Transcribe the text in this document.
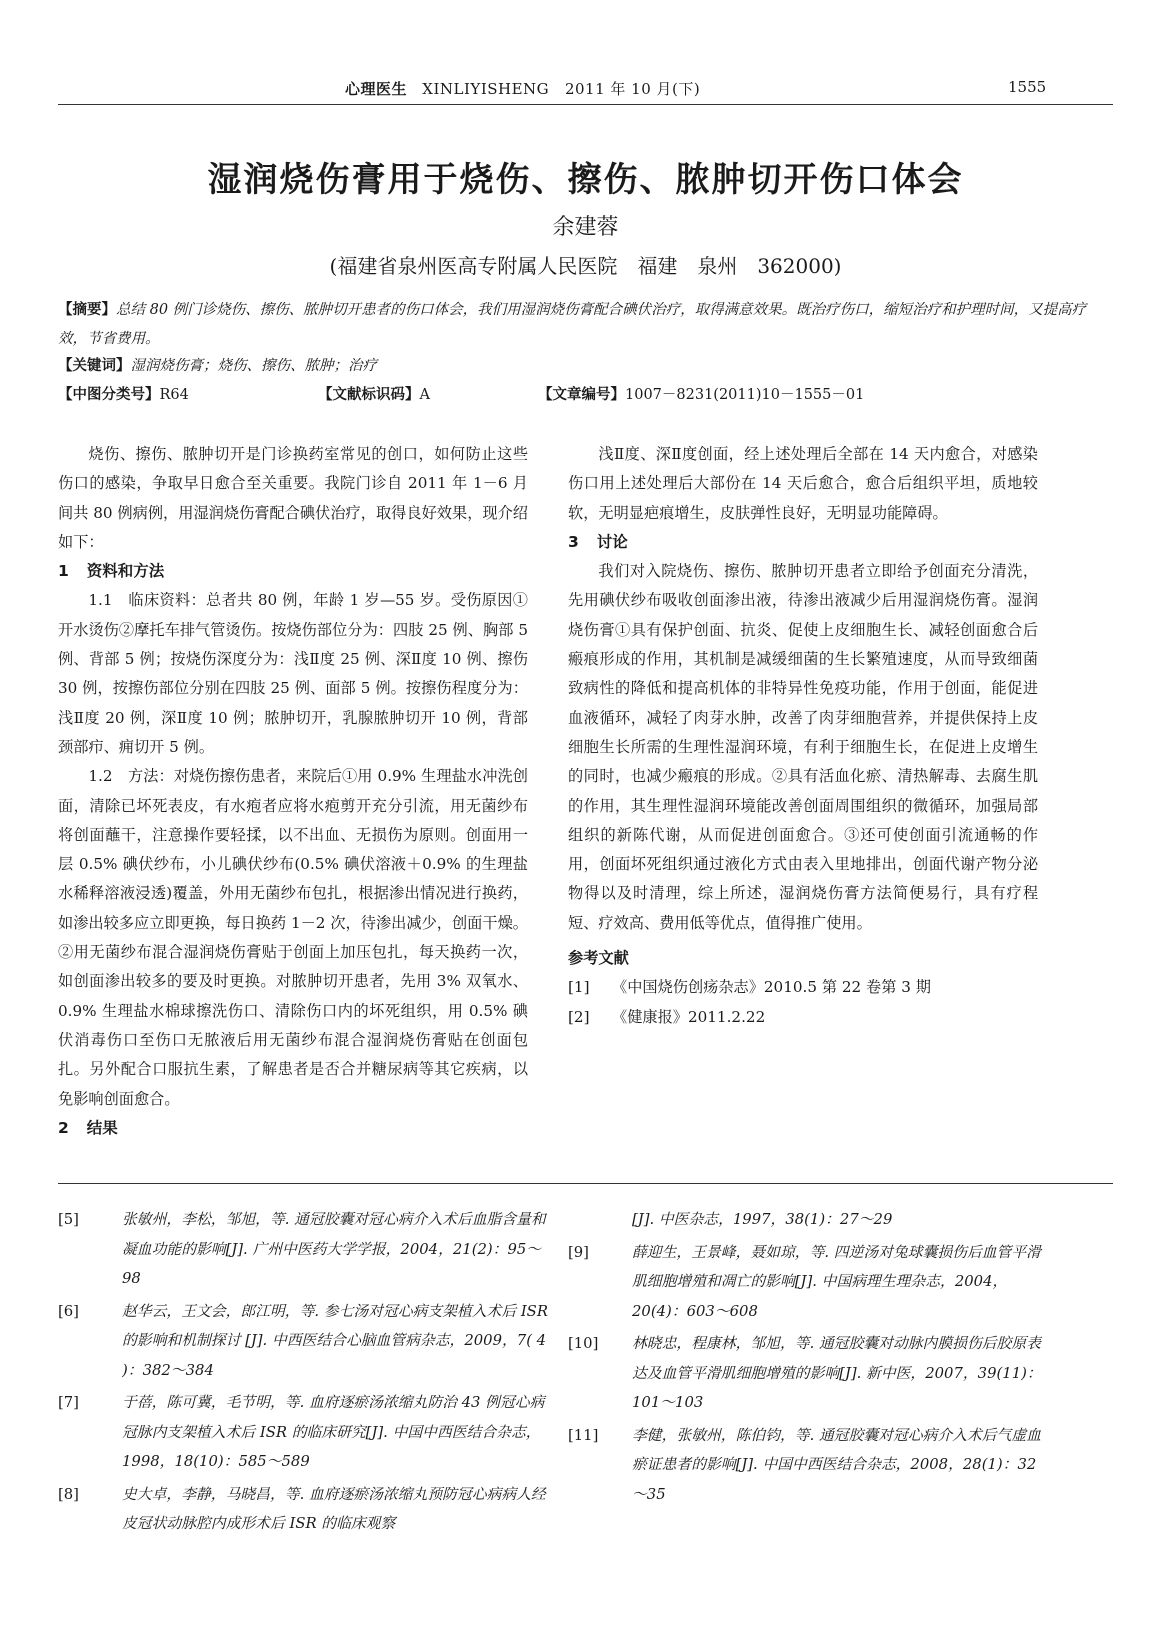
心理医生 XINLIYISHENG 2011 年 10 月(下)	1555
湿润烧伤膏用于烧伤、擦伤、脓肿切开伤口体会
余建蓉
(福建省泉州医高专附属人民医院　福建　泉州　362000)
【摘要】总结 80 例门诊烧伤、擦伤、脓肿切开患者的伤口体会，我们用湿润烧伤膏配合碘伏治疗，取得满意效果。既治疗伤口，缩短治疗和护理时间，又提高疗效，节省费用。
【关键词】湿润烧伤膏；烧伤、擦伤、脓肿；治疗
【中图分类号】R64	【文献标识码】A	【文章编号】1007－8231(2011)10－1555－01

烧伤、擦伤、脓肿切开是门诊换药室常见的创口，如何防止这些伤口的感染，争取早日愈合至关重要。我院门诊自 2011 年 1－6 月间共 80 例病例，用湿润烧伤膏配合碘伏治疗，取得良好效果，现介绍如下：

1 资料和方法

1.1　临床资料：总者共 80 例，年龄 1 岁—55 岁。受伤原因①开水烫伤②摩托车排气管烫伤。按烧伤部位分为：四肢 25 例、胸部 5 例、背部 5 例；按烧伤深度分为：浅Ⅱ度 25 例、深Ⅱ度 10 例、擦伤 30 例，按擦伤部位分别在四肢 25 例、面部 5 例。按擦伤程度分为：浅Ⅱ度 20 例，深Ⅱ度 10 例；脓肿切开，乳腺脓肿切开 10 例，背部颈部疖、痈切开 5 例。

1.2　方法：对烧伤擦伤患者，来院后①用 0.9% 生理盐水冲洗创面，清除已坏死表皮，有水疱者应将水疱剪开充分引流，用无菌纱布将创面蘸干，注意操作要轻揉，以不出血、无损伤为原则。创面用一层 0.5% 碘伏纱布，小儿碘伏纱布(0.5% 碘伏溶液＋0.9% 的生理盐水稀释溶液浸透)覆盖，外用无菌纱布包扎，根据渗出情况进行换药，如渗出较多应立即更换，每日换药 1－2 次，待渗出减少，创面干燥。②用无菌纱布混合湿润烧伤膏贴于创面上加压包扎，每天换药一次，如创面渗出较多的要及时更换。对脓肿切开患者，先用 3% 双氧水、0.9% 生理盐水棉球擦洗伤口、清除伤口内的坏死组织，用 0.5% 碘伏消毒伤口至伤口无脓液后用无菌纱布混合湿润烧伤膏贴在创面包扎。另外配合口服抗生素，了解患者是否合并糖尿病等其它疾病，以免影响创面愈合。

2 结果

浅Ⅱ度、深Ⅱ度创面，经上述处理后全部在 14 天内愈合，对感染伤口用上述处理后大部份在 14 天后愈合，愈合后组织平坦，质地较软，无明显疤痕增生，皮肤弹性良好，无明显功能障碍。

3 讨论

我们对入院烧伤、擦伤、脓肿切开患者立即给予创面充分清洗，先用碘伏纱布吸收创面渗出液，待渗出液减少后用湿润烧伤膏。湿润烧伤膏①具有保护创面、抗炎、促使上皮细胞生长、减轻创面愈合后瘢痕形成的作用，其机制是减缓细菌的生长繁殖速度，从而导致细菌致病性的降低和提高机体的非特异性免疫功能，作用于创面，能促进血液循环，减轻了肉芽水肿，改善了肉芽细胞营养，并提供保持上皮细胞生长所需的生理性湿润环境，有利于细胞生长，在促进上皮增生的同时，也减少瘢痕的形成。②具有活血化瘀、清热解毒、去腐生肌的作用，其生理性湿润环境能改善创面周围组织的微循环，加强局部组织的新陈代谢，从而促进创面愈合。③还可使创面引流通畅的作用，创面坏死组织通过液化方式由表入里地排出，创面代谢产物分泌物得以及时清理，综上所述，湿润烧伤膏方法简便易行，具有疗程短、疗效高、费用低等优点，值得推广使用。

参考文献

[1] 《中国烧伤创疡杂志》2010.5 第 22 卷第 3 期

[2] 《健康报》2011.2.22

[5]	张敏州，李松，邹旭，等. 通冠胶囊对冠心病介入术后血脂含量和凝血功能的影响[J]. 广州中医药大学学报，2004，21(2)：95～98
[6]	赵华云，王文会，郎江明，等. 参七汤对冠心病支架植入术后 ISR 的影响和机制探讨 [J]. 中西医结合心脑血管病杂志，2009，7( 4 )：382～384
[7]	于蓓，陈可冀，毛节明，等. 血府逐瘀汤浓缩丸防治 43 例冠心病冠脉内支架植入术后 ISR 的临床研究[J]. 中国中西医结合杂志，1998，18(10)：585～589
[8]	史大卓，李静，马晓昌，等. 血府逐瘀汤浓缩丸预防冠心病病人经皮冠状动脉腔内成形术后 ISR 的临床观察
[J]. 中医杂志，1997，38(1)：27～29
[9]	薛迎生，王景峰，聂如琼，等. 四逆汤对兔球囊损伤后血管平滑肌细胞增殖和凋亡的影响[J]. 中国病理生理杂志，2004，20(4)：603～608
[10]	林晓忠，程康林，邹旭，等. 通冠胶囊对动脉内膜损伤后胶原表达及血管平滑肌细胞增殖的影响[J]. 新中医，2007，39(11)：101～103
[11]	李健，张敏州，陈伯钧，等. 通冠胶囊对冠心病介入术后气虚血瘀证患者的影响[J]. 中国中西医结合杂志，2008，28(1)：32～35
